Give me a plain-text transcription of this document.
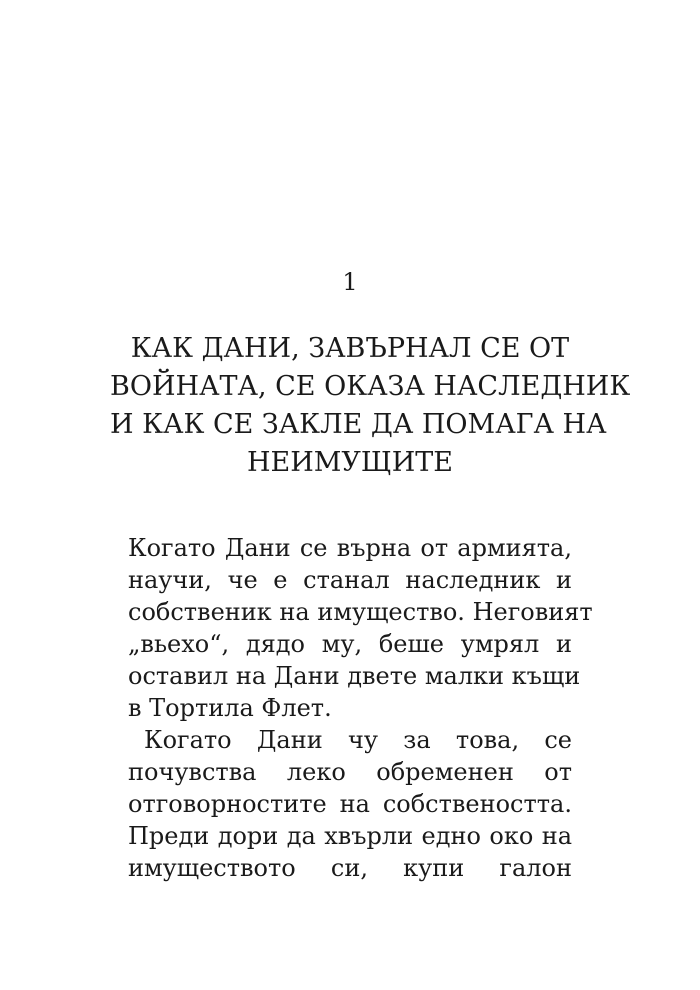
1
КАК ДАНИ, ЗАВЪРНАЛ СЕ ОТ
ВОЙНАТА, СЕ ОКАЗА НАСЛЕДНИК
И КАК СЕ ЗАКЛЕ ДА ПОМАГА НА
НЕИМУЩИТЕ
Когато Дани се върна от армията,
научи, че е станал наследник и
собственик на имущество. Неговият
„вьехо“, дядо му, беше умрял и
оставил на Дани двете малки къщи
в Тортила Флет.
Когато Дани чу за това, се
почувства леко обременен от
отговорностите на собствеността.
Преди дори да хвърли едно око на
имуществото си, купи галон
